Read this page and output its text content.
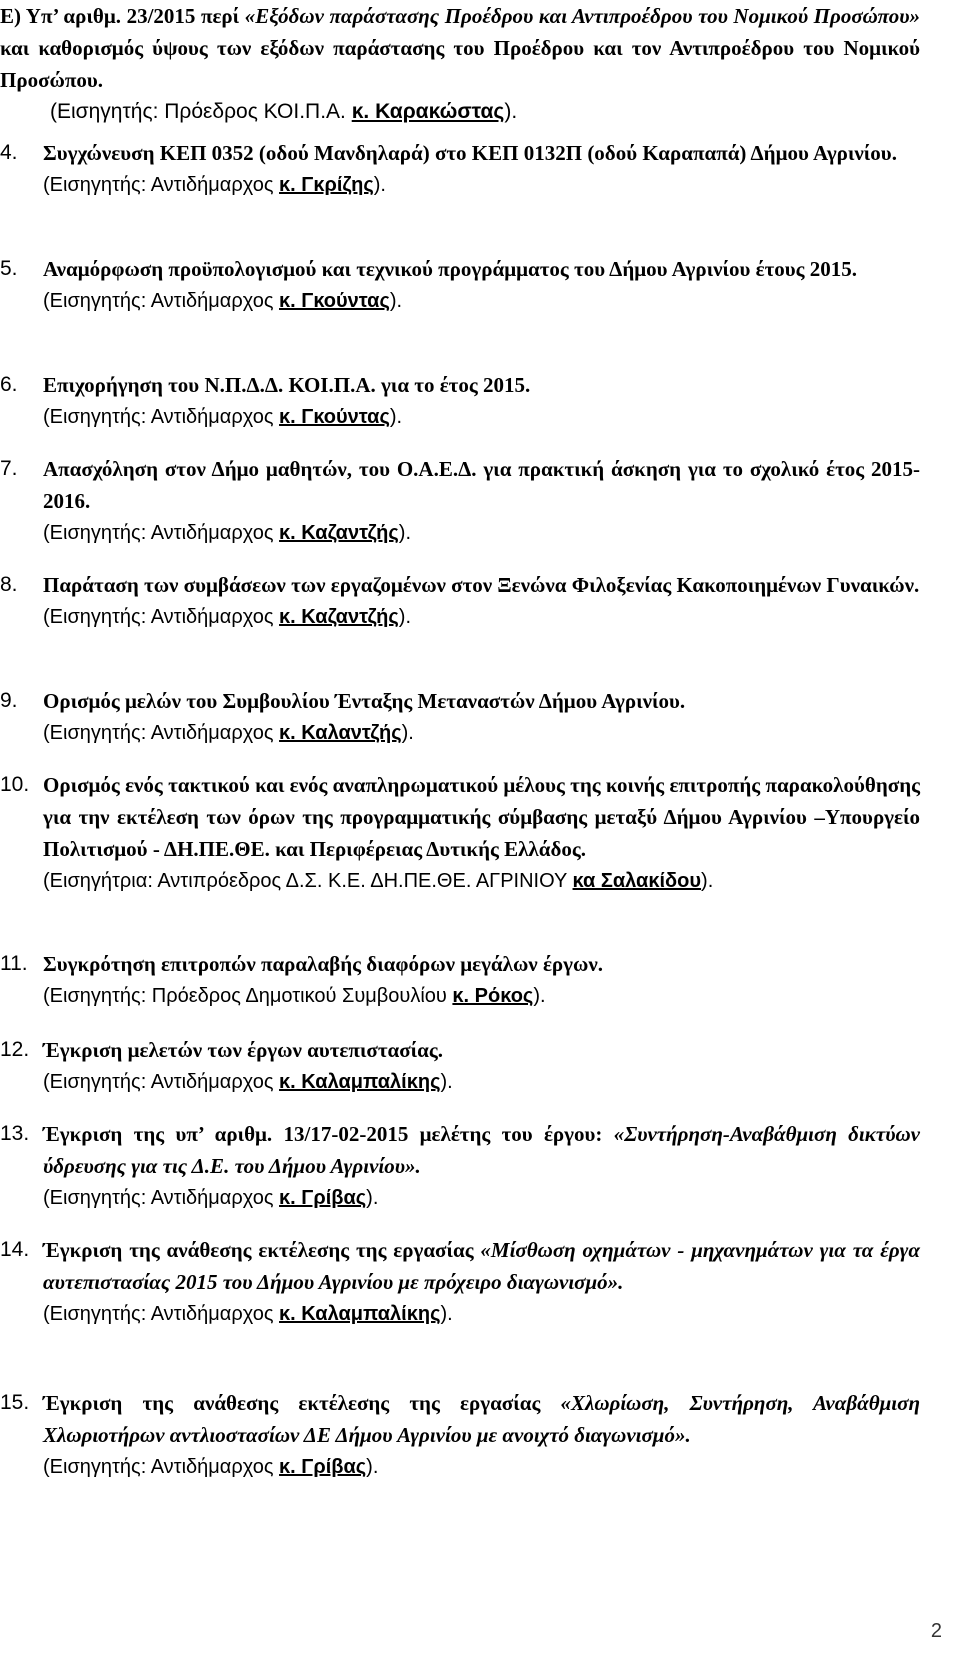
Ε) Υπ’ αριθμ. 23/2015 περί «Εξόδων παράστασης Προέδρου και Αντιπροέδρου του Νομικού Προσώπου» και καθορισμός ύψους των εξόδων παράστασης του Προέδρου και τον Αντιπροέδρου του Νομικού Προσώπου.

(Εισηγητής: Πρόεδρος ΚΟΙ.Π.Α. κ. Καρακώστας).

4. Συγχώνευση ΚΕΠ 0352 (οδού Μανδηλαρά) στο ΚΕΠ 0132Π (οδού Καραπαπά) Δήμου Αγρινίου.

(Εισηγητής: Αντιδήμαρχος κ. Γκρίζης).

5. Αναμόρφωση προϋπολογισμού και τεχνικού προγράμματος του Δήμου Αγρινίου έτους 2015.

(Εισηγητής: Αντιδήμαρχος κ. Γκούντας).

6. Επιχορήγηση του Ν.Π.Δ.Δ. ΚΟΙ.Π.Α. για το έτος 2015.

(Εισηγητής: Αντιδήμαρχος κ. Γκούντας).

7. Απασχόληση στον Δήμο μαθητών, του Ο.Α.Ε.Δ. για πρακτική άσκηση για το σχολικό έτος 2015-2016.

(Εισηγητής: Αντιδήμαρχος κ. Καζαντζής).

8. Παράταση των συμβάσεων των εργαζομένων στον Ξενώνα Φιλοξενίας Κακοποιημένων Γυναικών.

(Εισηγητής: Αντιδήμαρχος κ. Καζαντζής).

9. Ορισμός μελών του Συμβουλίου Ένταξης Μεταναστών Δήμου Αγρινίου.

(Εισηγητής: Αντιδήμαρχος κ. Καλαντζής).

10. Ορισμός ενός τακτικού και ενός αναπληρωματικού μέλους της κοινής επιτροπής παρακολούθησης για την εκτέλεση των όρων της προγραμματικής σύμβασης μεταξύ Δήμου Αγρινίου –Υπουργείο Πολιτισμού - ΔΗ.ΠΕ.ΘΕ. και Περιφέρειας Δυτικής Ελλάδος.

(Εισηγήτρια: Αντιπρόεδρος Δ.Σ. Κ.Ε. ΔΗ.ΠΕ.ΘΕ. ΑΓΡΙΝΙΟΥ κα Σαλακίδου).

11. Συγκρότηση επιτροπών παραλαβής διαφόρων μεγάλων έργων.

(Εισηγητής: Πρόεδρος Δημοτικού Συμβουλίου κ. Ρόκος).

12. Έγκριση μελετών των έργων αυτεπιστασίας.

(Εισηγητής: Αντιδήμαρχος κ. Καλαμπαλίκης).

13. Έγκριση της υπ’ αριθμ. 13/17-02-2015 μελέτης του έργου: «Συντήρηση-Αναβάθμιση δικτύων ύδρευσης για τις Δ.Ε. του Δήμου Αγρινίου».

(Εισηγητής: Αντιδήμαρχος κ. Γρίβας).

14. Έγκριση της ανάθεσης εκτέλεσης της εργασίας «Μίσθωση οχημάτων - μηχανημάτων για τα έργα αυτεπιστασίας 2015 του Δήμου Αγρινίου με πρόχειρο διαγωνισμό».

(Εισηγητής: Αντιδήμαρχος κ. Καλαμπαλίκης).

15. Έγκριση της ανάθεσης εκτέλεσης της εργασίας «Χλωρίωση, Συντήρηση, Αναβάθμιση Χλωριοτήρων αντλιοστασίων ΔΕ Δήμου Αγρινίου με ανοιχτό διαγωνισμό».

(Εισηγητής: Αντιδήμαρχος κ. Γρίβας).

2
